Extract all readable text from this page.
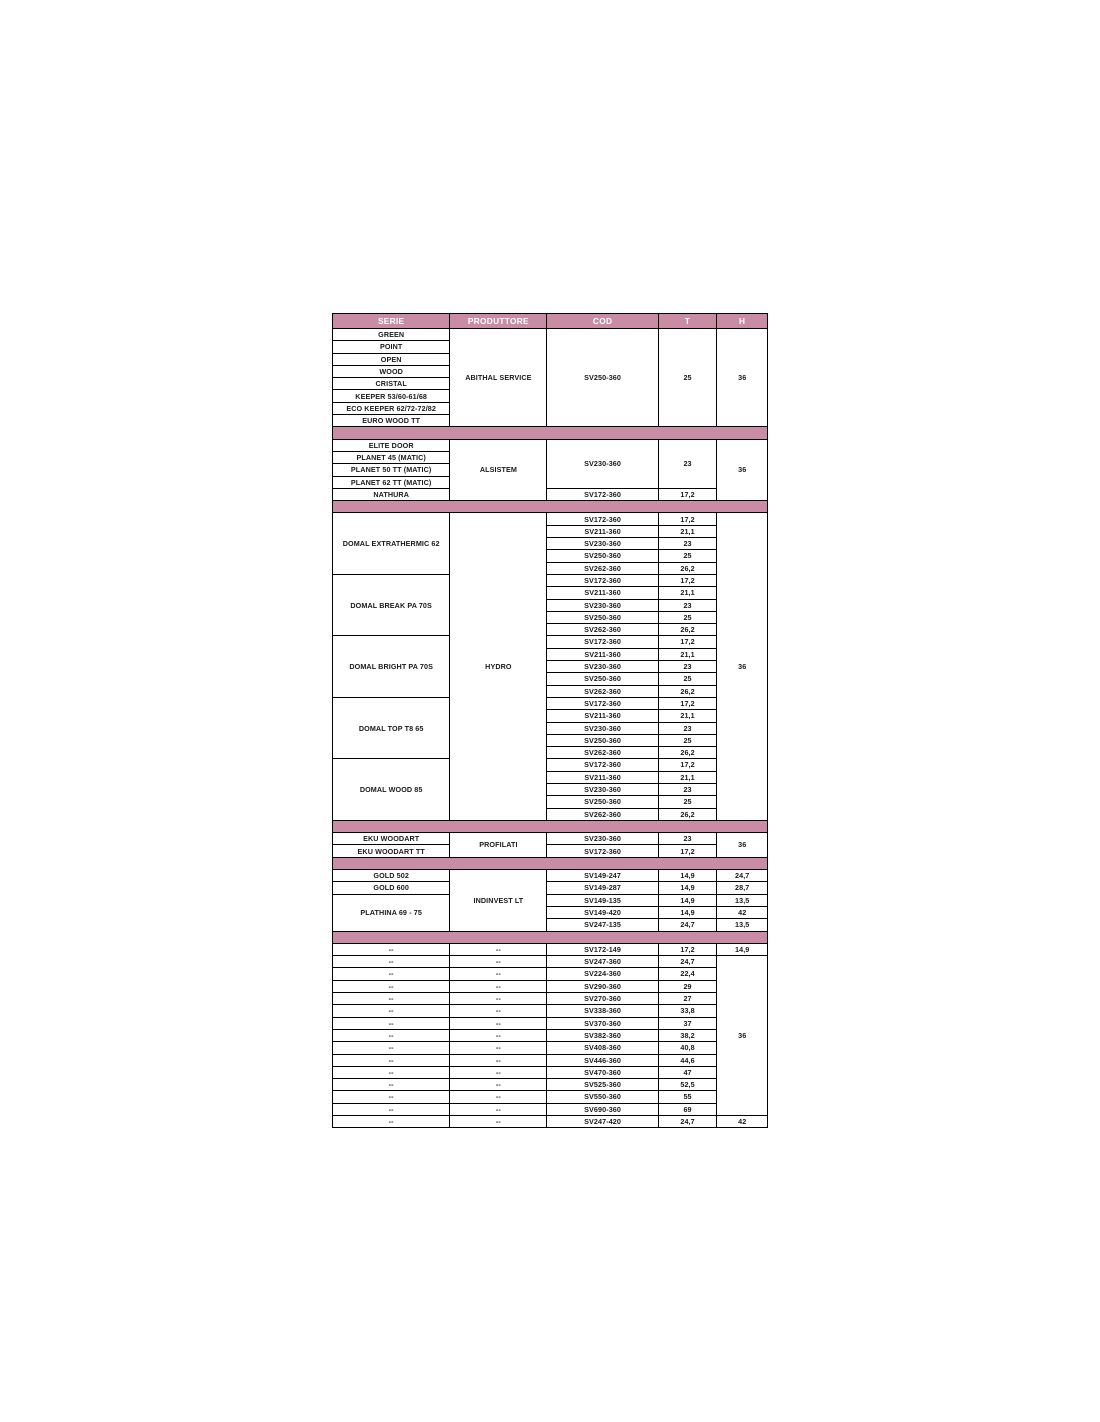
SERIE	PRODUTTORE	COD	T	H
GREEN	ABITHAL SERVICE	SV250-360	25	36
POINT				
OPEN				
WOOD				
CRISTAL				
KEEPER 53/60-61/68				
ECO KEEPER 62/72-72/82				
EURO WOOD TT				

ELITE DOOR	ALSISTEM	SV230-360	23	36
PLANET 45 (MATIC)				
PLANET 50 TT (MATIC)				
PLANET 62 TT (MATIC)				
NATHURA		SV172-360	17,2	

DOMAL EXTRATHERMIC 62	HYDRO	SV172-360	17,2	36
		SV211-360	21,1	
		SV230-360	23	
		SV250-360	25	
		SV262-360	26,2	
DOMAL BREAK PA 70S		SV172-360	17,2	
		SV211-360	21,1	
		SV230-360	23	
		SV250-360	25	
		SV262-360	26,2	
DOMAL BRIGHT PA 70S		SV172-360	17,2	
		SV211-360	21,1	
		SV230-360	23	
		SV250-360	25	
		SV262-360	26,2	
DOMAL TOP T8 65		SV172-360	17,2	
		SV211-360	21,1	
		SV230-360	23	
		SV250-360	25	
		SV262-360	26,2	
DOMAL WOOD 85		SV172-360	17,2	
		SV211-360	21,1	
		SV230-360	23	
		SV250-360	25	
		SV262-360	26,2	

EKU WOODART	PROFILATI	SV230-360	23	36
EKU WOODART TT		SV172-360	17,2	

GOLD 502	INDINVEST LT	SV149-247	14,9	24,7
GOLD 600		SV149-287	14,9	28,7
PLATHINA 69 - 75		SV149-135	14,9	13,5
		SV149-420	14,9	42
		SV247-135	24,7	13,5

--	--	SV172-149	17,2	14,9
--	--	SV247-360	24,7	36
--	--	SV224-360	22,4	
--	--	SV290-360	29	
--	--	SV270-360	27	
--	--	SV338-360	33,8	
--	--	SV370-360	37	
--	--	SV382-360	38,2	
--	--	SV408-360	40,8	
--	--	SV446-360	44,6	
--	--	SV470-360	47	
--	--	SV525-360	52,5	
--	--	SV550-360	55	
--	--	SV690-360	69	
--	--	SV247-420	24,7	42
